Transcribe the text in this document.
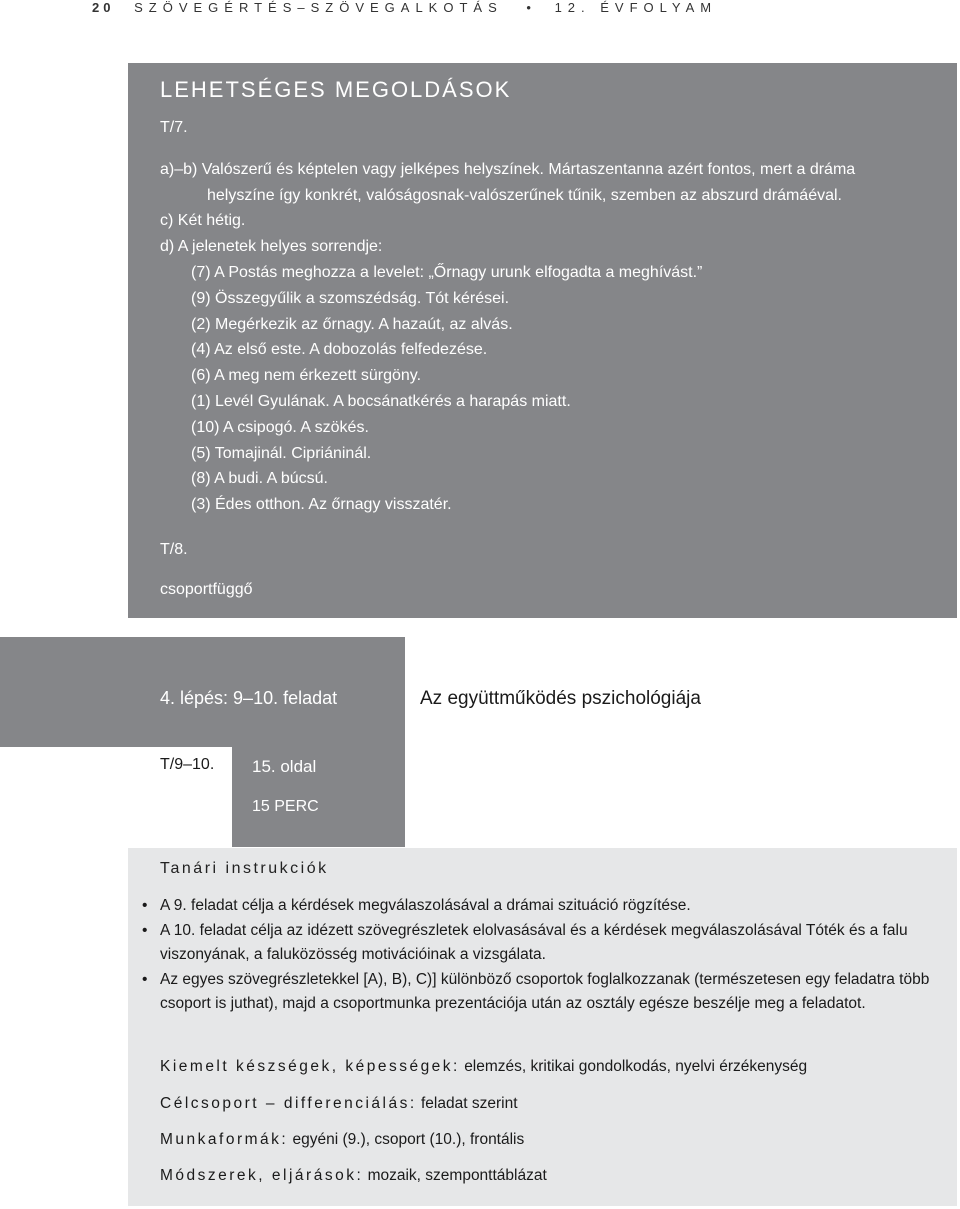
20 SZÖVEGÉRTÉS–SZÖVEGALKOTÁS • 12. ÉVFOLYAM
LEHETSÉGES MEGOLDÁSOK

T/7.

a)–b) Valószerű és képtelen vagy jelképes helyszínek. Mártaszentanna azért fontos, mert a dráma

helyszíne így konkrét, valóságosnak-valószerűnek tűnik, szemben az abszurd drámáéval.

c) Két hétig.

d) A jelenetek helyes sorrendje:

(7) A Postás meghozza a levelet: „Őrnagy urunk elfogadta a meghívást.”
(9) Összegyűlik a szomszédság. Tót kérései.
(2) Megérkezik az őrnagy. A hazaút, az alvás.
(4) Az első este. A dobozolás felfedezése.
(6) A meg nem érkezett sürgöny.
(1) Levél Gyulának. A bocsánatkérés a harapás miatt.
(10) A csipogó. A szökés.
(5) Tomajinál. Cipriáninál.
(8) A budi. A búcsú.
(3) Édes otthon. Az őrnagy visszatér.
T/8.
csoportfüggő
4. lépés: 9–10. feladat	Az együttműködés pszichológiája
T/9–10. 15. oldal
15 PERC
Tanári instrukciók
• A 9. feladat célja a kérdések megválaszolásával a drámai szituáció rögzítése.
• A 10. feladat célja az idézett szövegrészletek elolvasásával és a kérdések megválaszolásával Tóték és a falu viszonyának, a faluközösség motivációinak a vizsgálata.
• Az egyes szövegrészletekkel [A), B), C)] különböző csoportok foglalkozzanak (természetesen egy feladatra több csoport is juthat), majd a csoportmunka prezentációja után az osztály egésze beszélje meg a feladatot.
Kiemelt készségek, képességek: elemzés, kritikai gondolkodás, nyelvi érzékenység
Célcsoport – differenciálás: feladat szerint
Munkaformák: egyéni (9.), csoport (10.), frontális
Módszerek, eljárások: mozaik, szemponttáblázat
